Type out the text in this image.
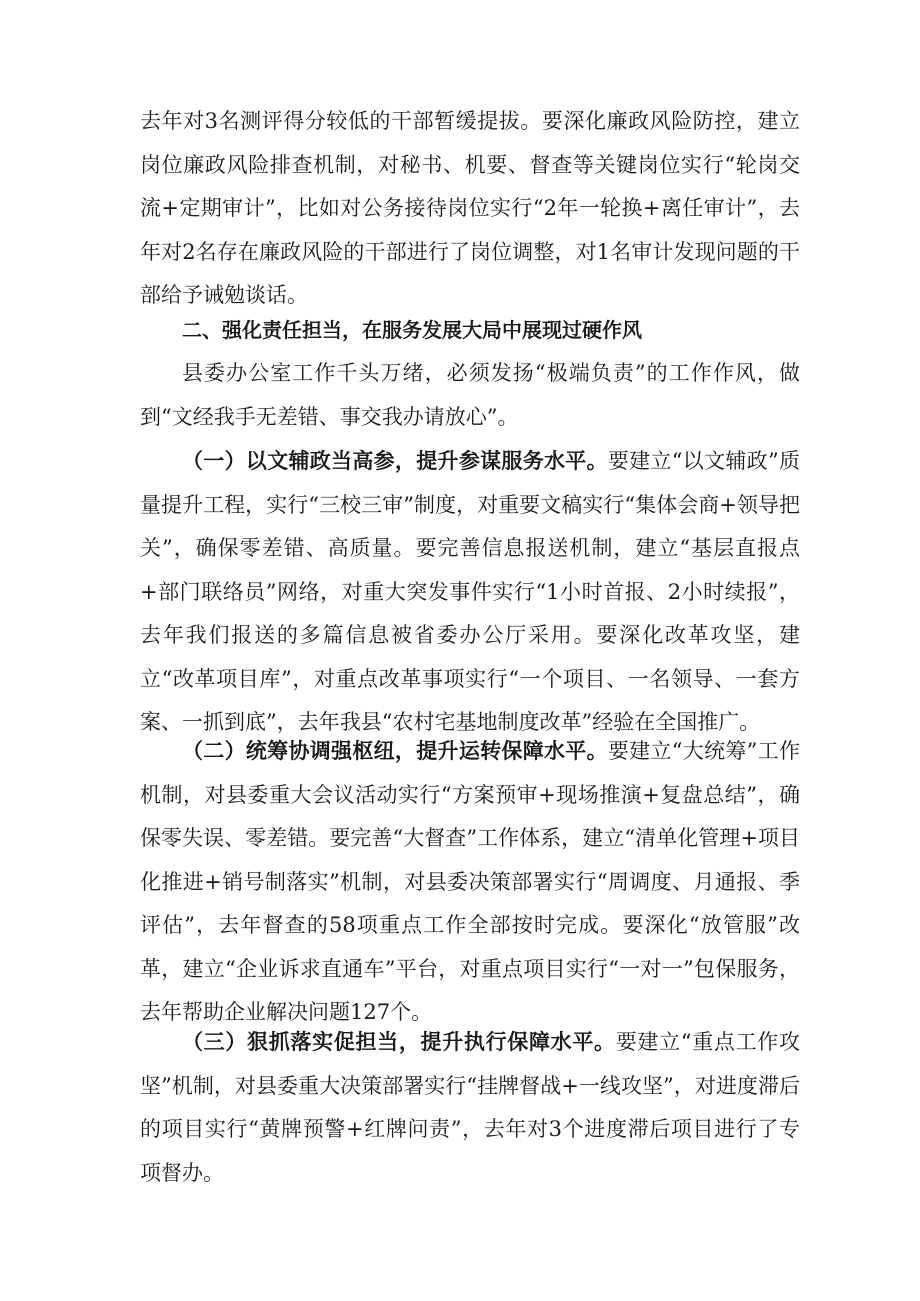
去年对3名测评得分较低的干部暂缓提拔。要深化廉政风险防控，建立岗位廉政风险排查机制，对秘书、机要、督查等关键岗位实行“轮岗交流+定期审计”，比如对公务接待岗位实行“2年一轮换+离任审计”，去年对2名存在廉政风险的干部进行了岗位调整，对1名审计发现问题的干部给予诫勉谈话。

二、强化责任担当，在服务发展大局中展现过硬作风

县委办公室工作千头万绪，必须发扬“极端负责”的工作作风，做到“文经我手无差错、事交我办请放心”。

（一）以文辅政当高参，提升参谋服务水平。要建立“以文辅政”质量提升工程，实行“三校三审”制度，对重要文稿实行“集体会商+领导把关”，确保零差错、高质量。要完善信息报送机制，建立“基层直报点+部门联络员”网络，对重大突发事件实行“1小时首报、2小时续报”，去年我们报送的多篇信息被省委办公厅采用。要深化改革攻坚，建立“改革项目库”，对重点改革事项实行“一个项目、一名领导、一套方案、一抓到底”，去年我县“农村宅基地制度改革”经验在全国推广。

（二）统筹协调强枢纽，提升运转保障水平。要建立“大统筹”工作机制，对县委重大会议活动实行“方案预审+现场推演+复盘总结”，确保零失误、零差错。要完善“大督查”工作体系，建立“清单化管理+项目化推进+销号制落实”机制，对县委决策部署实行“周调度、月通报、季评估”，去年督查的58项重点工作全部按时完成。要深化“放管服”改革，建立“企业诉求直通车”平台，对重点项目实行“一对一”包保服务，去年帮助企业解决问题127个。

（三）狠抓落实促担当，提升执行保障水平。要建立“重点工作攻坚”机制，对县委重大决策部署实行“挂牌督战+一线攻坚”，对进度滞后的项目实行“黄牌预警+红牌问责”，去年对3个进度滞后项目进行了专项督办。
